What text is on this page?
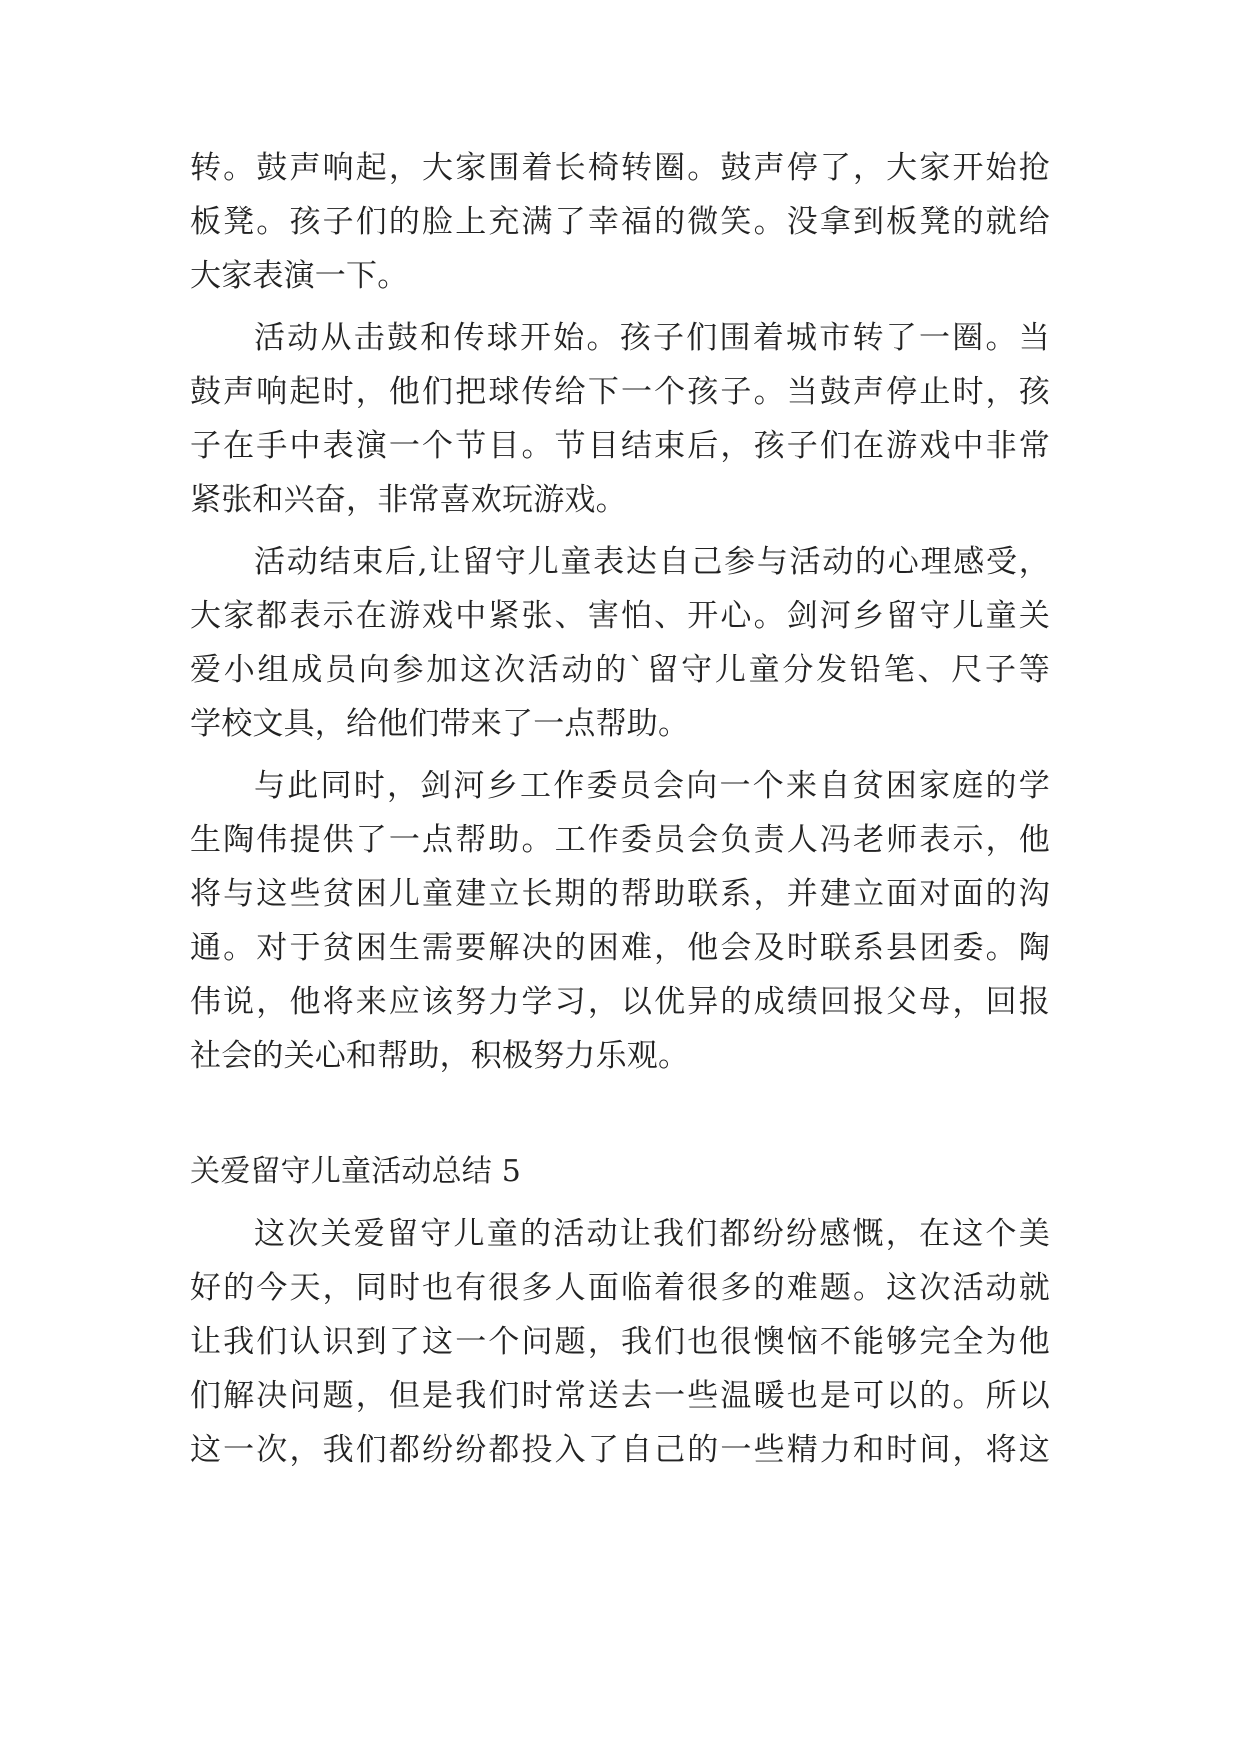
转。鼓声响起，大家围着长椅转圈。鼓声停了，大家开始抢
板凳。孩子们的脸上充满了幸福的微笑。没拿到板凳的就给
大家表演一下。
活动从击鼓和传球开始。孩子们围着城市转了一圈。当
鼓声响起时，他们把球传给下一个孩子。当鼓声停止时，孩
子在手中表演一个节目。节目结束后，孩子们在游戏中非常
紧张和兴奋，非常喜欢玩游戏。
活动结束后,让留守儿童表达自己参与活动的心理感受，
大家都表示在游戏中紧张、害怕、开心。剑河乡留守儿童关
爱小组成员向参加这次活动的`留守儿童分发铅笔、尺子等
学校文具，给他们带来了一点帮助。
与此同时，剑河乡工作委员会向一个来自贫困家庭的学
生陶伟提供了一点帮助。工作委员会负责人冯老师表示，他
将与这些贫困儿童建立长期的帮助联系，并建立面对面的沟
通。对于贫困生需要解决的困难，他会及时联系县团委。陶
伟说，他将来应该努力学习，以优异的成绩回报父母，回报
社会的关心和帮助，积极努力乐观。
关爱留守儿童活动总结 5
这次关爱留守儿童的活动让我们都纷纷感慨，在这个美
好的今天，同时也有很多人面临着很多的难题。这次活动就
让我们认识到了这一个问题，我们也很懊恼不能够完全为他
们解决问题，但是我们时常送去一些温暖也是可以的。所以
这一次，我们都纷纷都投入了自己的一些精力和时间，将这
